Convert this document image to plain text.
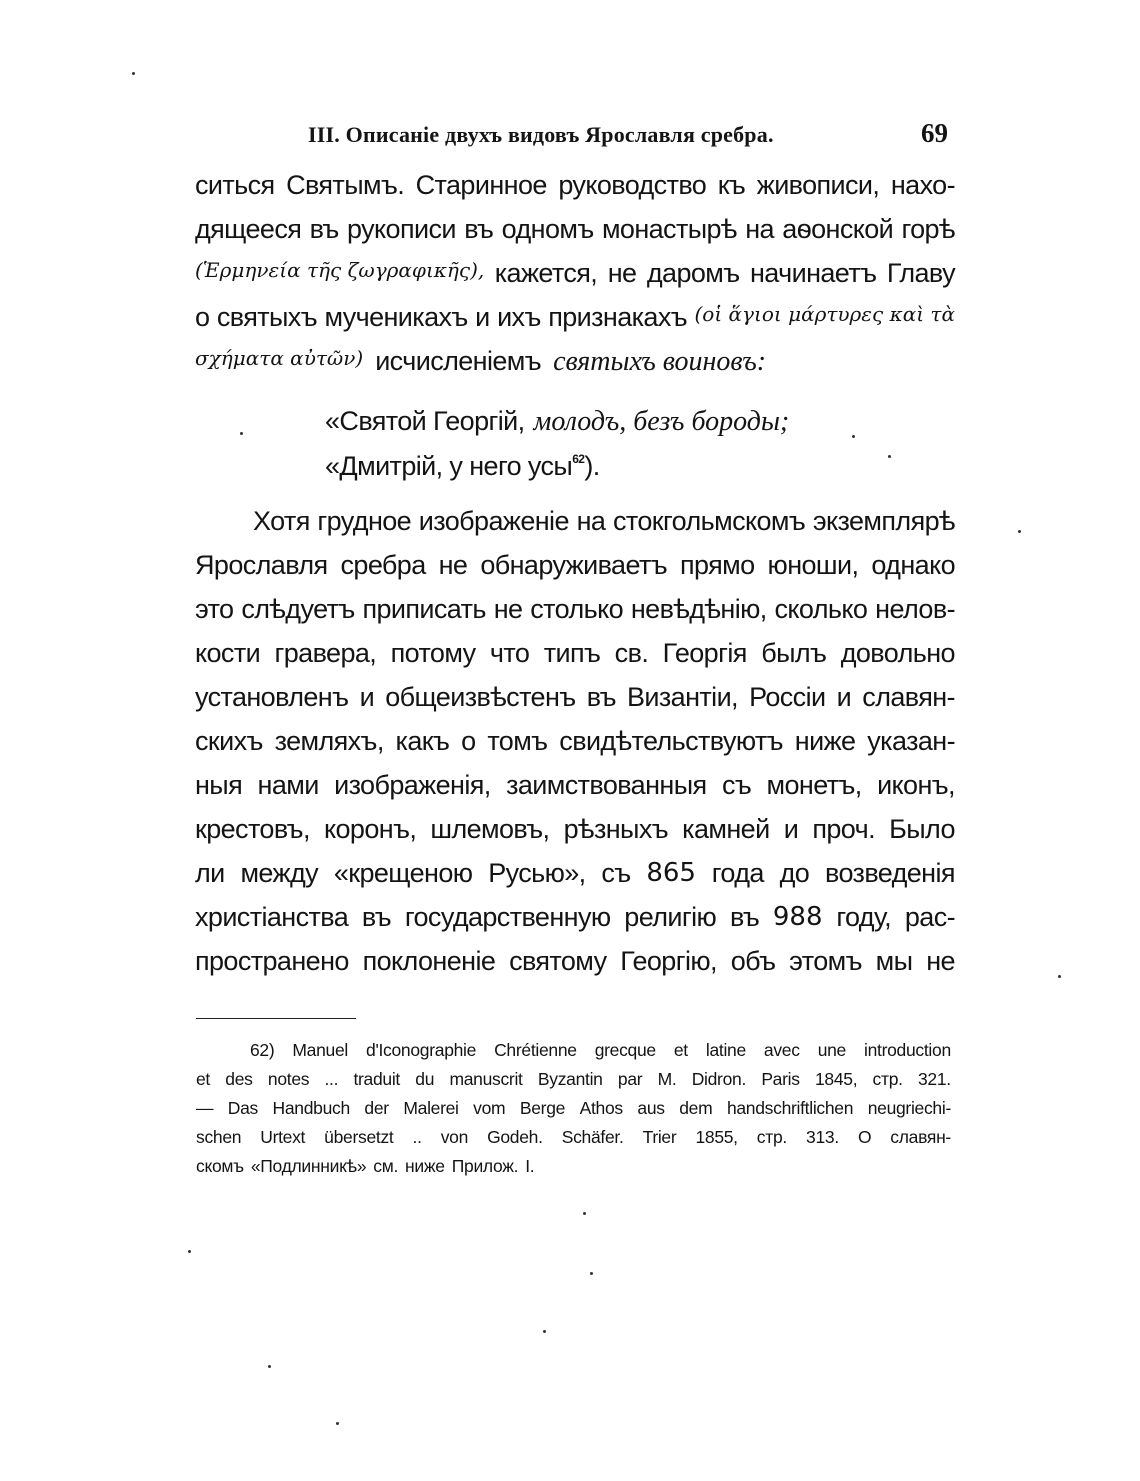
III. Описаніе двухъ видовъ Ярославля сребра.	69
ситься Святымъ. Старинное руководство къ живописи, нахо-
дящееся въ рукописи въ одномъ монастырѣ на аѳонской горѣ
(Ἑρμηνεία τῆς ζωγραφικῆς), кажется, не даромъ начинаетъ Главу
о святыхъ мученикахъ и ихъ признакахъ (οἱ ἅγιοι μάρτυρες καὶ τὰ
σχήματα αὐτῶν) исчисленіемъ святыхъ воиновъ:
«Святой Георгій, молодъ, безъ бороды;
«Дмитрій, у него усы$^{62}$).
Хотя грудное изображеніе на стокгольмскомъ экземплярѣ
Ярославля сребра не обнаруживаетъ прямо юноши, однако
это слѣдуетъ приписать не столько невѣдѣнію, сколько нелов-
кости гравера, потому что типъ св. Георгія былъ довольно
установленъ и общеизвѣстенъ въ Византіи, Россіи и славян-
скихъ земляхъ, какъ о томъ свидѣтельствуютъ ниже указан-
ныя нами изображенія, заимствованныя съ монетъ, иконъ,
крестовъ, коронъ, шлемовъ, рѣзныхъ камней и проч. Было
ли между «крещеною Русью», съ 865 года до возведенія
христіанства въ государственную религію въ 988 году, рас-
пространено поклоненіе святому Георгію, объ этомъ мы не
62) Manuel d'Iconographie Chrétienne grecque et latine avec une introduction
et des notes ... traduit du manuscrit Byzantin par M. Didron. Paris 1845, стр. 321.
— Das Handbuch der Malerei vom Berge Athos aus dem handschriftlichen neugriechi-
schen Urtext übersetzt .. von Godeh. Schäfer. Trier 1855, стр. 313. О славян-
скомъ «Подлинникѣ» см. ниже Прилож. I.
